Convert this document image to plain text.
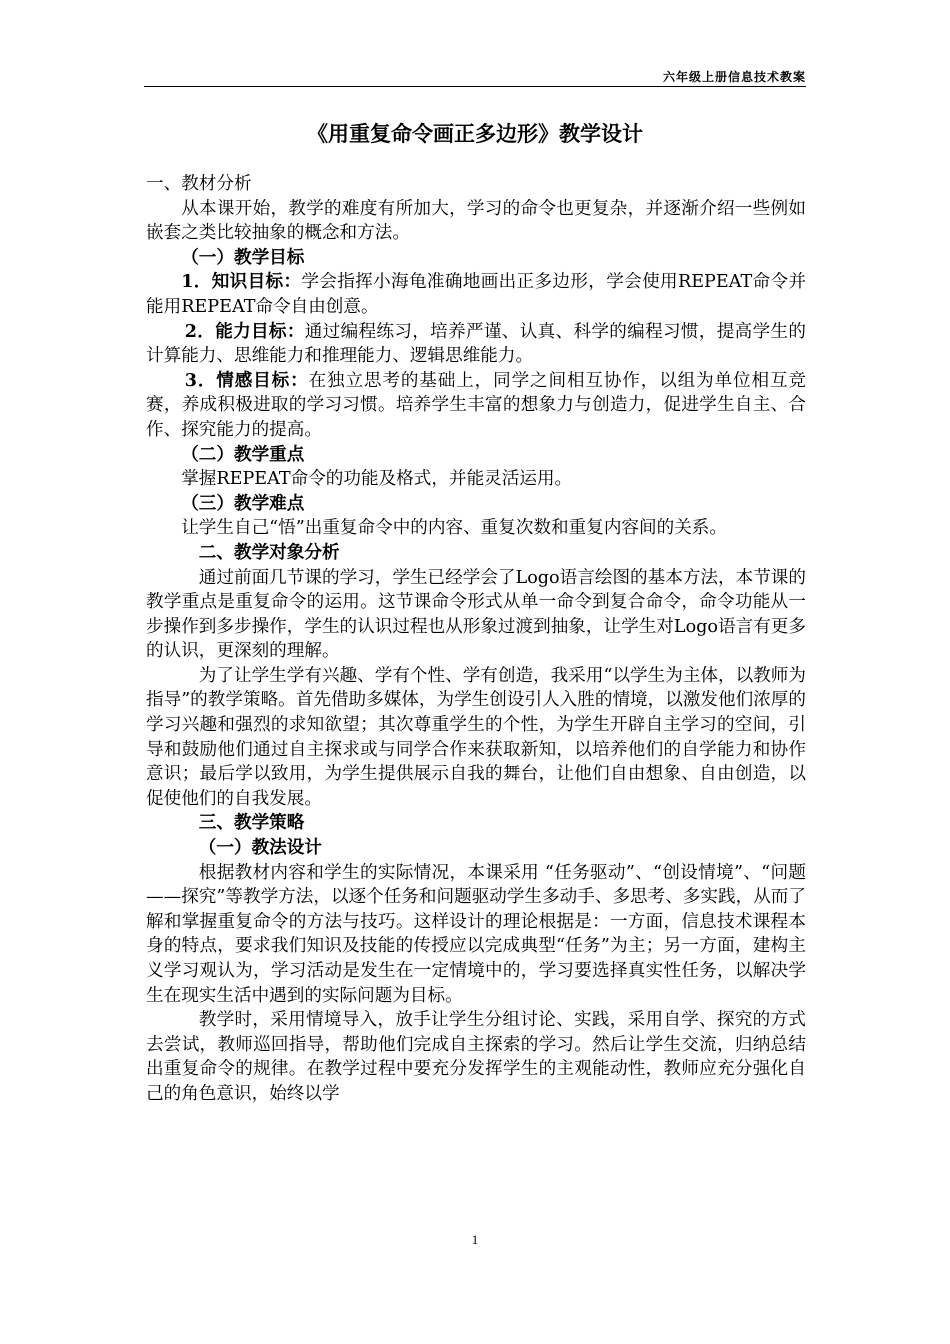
六年级上册信息技术教案
《用重复命令画正多边形》教学设计

一、教材分析

从本课开始，教学的难度有所加大，学习的命令也更复杂，并逐渐介绍一些例如嵌套之类比较抽象的概念和方法。

（一）教学目标

1．知识目标：学会指挥小海龟准确地画出正多边形，学会使用REPEAT命令并能用REPEAT命令自由创意。

2．能力目标：通过编程练习，培养严谨、认真、科学的编程习惯，提高学生的计算能力、思维能力和推理能力、逻辑思维能力。

3．情感目标：在独立思考的基础上，同学之间相互协作，以组为单位相互竞赛，养成积极进取的学习习惯。培养学生丰富的想象力与创造力，促进学生自主、合作、探究能力的提高。

（二）教学重点

掌握REPEAT命令的功能及格式，并能灵活运用。

（三）教学难点

让学生自己“悟”出重复命令中的内容、重复次数和重复内容间的关系。

二、教学对象分析

通过前面几节课的学习，学生已经学会了Logo语言绘图的基本方法，本节课的教学重点是重复命令的运用。这节课命令形式从单一命令到复合命令，命令功能从一步操作到多步操作，学生的认识过程也从形象过渡到抽象，让学生对Logo语言有更多的认识，更深刻的理解。

为了让学生学有兴趣、学有个性、学有创造，我采用“以学生为主体，以教师为指导”的教学策略。首先借助多媒体，为学生创设引人入胜的情境，以激发他们浓厚的学习兴趣和强烈的求知欲望；其次尊重学生的个性，为学生开辟自主学习的空间，引导和鼓励他们通过自主探求或与同学合作来获取新知，以培养他们的自学能力和协作意识；最后学以致用，为学生提供展示自我的舞台，让他们自由想象、自由创造，以促使他们的自我发展。

三、教学策略

（一）教法设计

根据教材内容和学生的实际情况，本课采用 “任务驱动”、“创设情境”、“问题——探究”等教学方法，以逐个任务和问题驱动学生多动手、多思考、多实践，从而了解和掌握重复命令的方法与技巧。这样设计的理论根据是：一方面，信息技术课程本身的特点，要求我们知识及技能的传授应以完成典型“任务”为主；另一方面，建构主义学习观认为，学习活动是发生在一定情境中的，学习要选择真实性任务，以解决学生在现实生活中遇到的实际问题为目标。

教学时，采用情境导入，放手让学生分组讨论、实践，采用自学、探究的方式去尝试，教师巡回指导，帮助他们完成自主探索的学习。然后让学生交流，归纳总结出重复命令的规律。在教学过程中要充分发挥学生的主观能动性，教师应充分强化自己的角色意识，始终以学

1
